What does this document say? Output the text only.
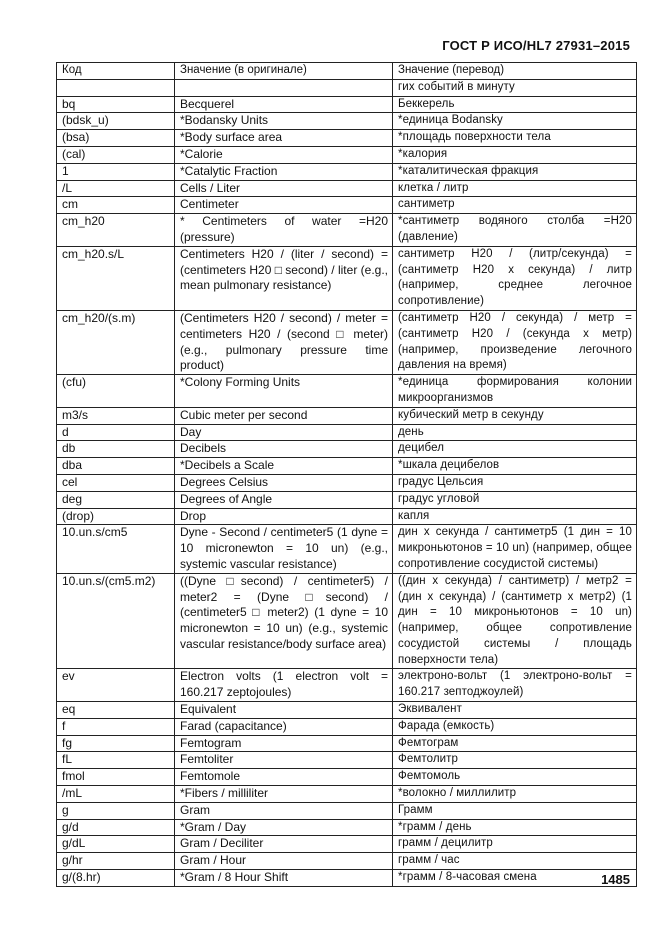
ГОСТ Р ИСО/HL7 27931–2015
Код	Значение (в оригинале)	Значение (перевод)
		гих событий в минуту
bq	Becquerel	Беккерель
(bdsk_u)	*Bodansky Units	*единица Bodansky
(bsa)	*Body surface area	*площадь поверхности тела
(cal)	*Calorie	*калория
1	*Catalytic Fraction	*каталитическая фракция
/L	Cells / Liter	клетка / литр
cm	Centimeter	сантиметр
cm_h20	* Centimeters of water =H20 (pressure)	*сантиметр водяного столба =H20 (давление)
cm_h20.s/L	Centimeters H20 / (liter / second) = (centimeters H20 □ second) / liter (e.g., mean pulmonary resistance)	сантиметр H20 / (литр/секунда) = (сантиметр H20 x секунда) / литр (например, среднее легочное сопротивление)
cm_h20/(s.m)	(Centimeters H20 / second) / meter = centimeters H20 / (second □ meter) (e.g., pulmonary pressure time product)	(сантиметр H20 / секунда) / метр = (сантиметр H20 / (секунда x метр) (например, произведение легочного давления на время)
(cfu)	*Colony Forming Units	*единица формирования колонии микроорганизмов
m3/s	Cubic meter per second	кубический метр в секунду
d	Day	день
db	Decibels	децибел
dba	*Decibels a Scale	*шкала децибелов
cel	Degrees Celsius	градус Цельсия
deg	Degrees of Angle	градус угловой
(drop)	Drop	капля
10.un.s/cm5	Dyne - Second / centimeter5 (1 dyne = 10 micronewton = 10 un) (e.g., systemic vascular resistance)	дин x секунда / сантиметр5 (1 дин = 10 микроньютонов = 10 un) (например, общее сопротивление сосудистой системы)
10.un.s/(cm5.m2)	((Dyne □second) / centimeter5) / meter2 = (Dyne □second) / (centimeter5 □ meter2) (1 dyne = 10 micronewton = 10 un) (e.g., systemic vascular resistance/body surface area)	((дин x секунда) / сантиметр) / метр2 = (дин x секунда) / (сантиметр x метр2) (1 дин = 10 микроньютонов = 10 un) (например, общее сопротивление сосудистой системы / площадь поверхности тела)
ev	Electron volts (1 electron volt = 160.217 zeptojoules)	электроно-вольт (1 электроно-вольт = 160.217 зептоджоулей)
eq	Equivalent	Эквивалент
f	Farad (capacitance)	Фарада (емкость)
fg	Femtogram	Фемтограм
fL	Femtoliter	Фемтолитр
fmol	Femtomole	Фемтомоль
/mL	*Fibers / milliliter	*волокно / миллилитр
g	Gram	Грамм
g/d	*Gram / Day	*грамм / день
g/dL	Gram / Deciliter	грамм / децилитр
g/hr	Gram / Hour	грамм / час
g/(8.hr)	*Gram / 8 Hour Shift	*грамм / 8-часовая смена	1485
